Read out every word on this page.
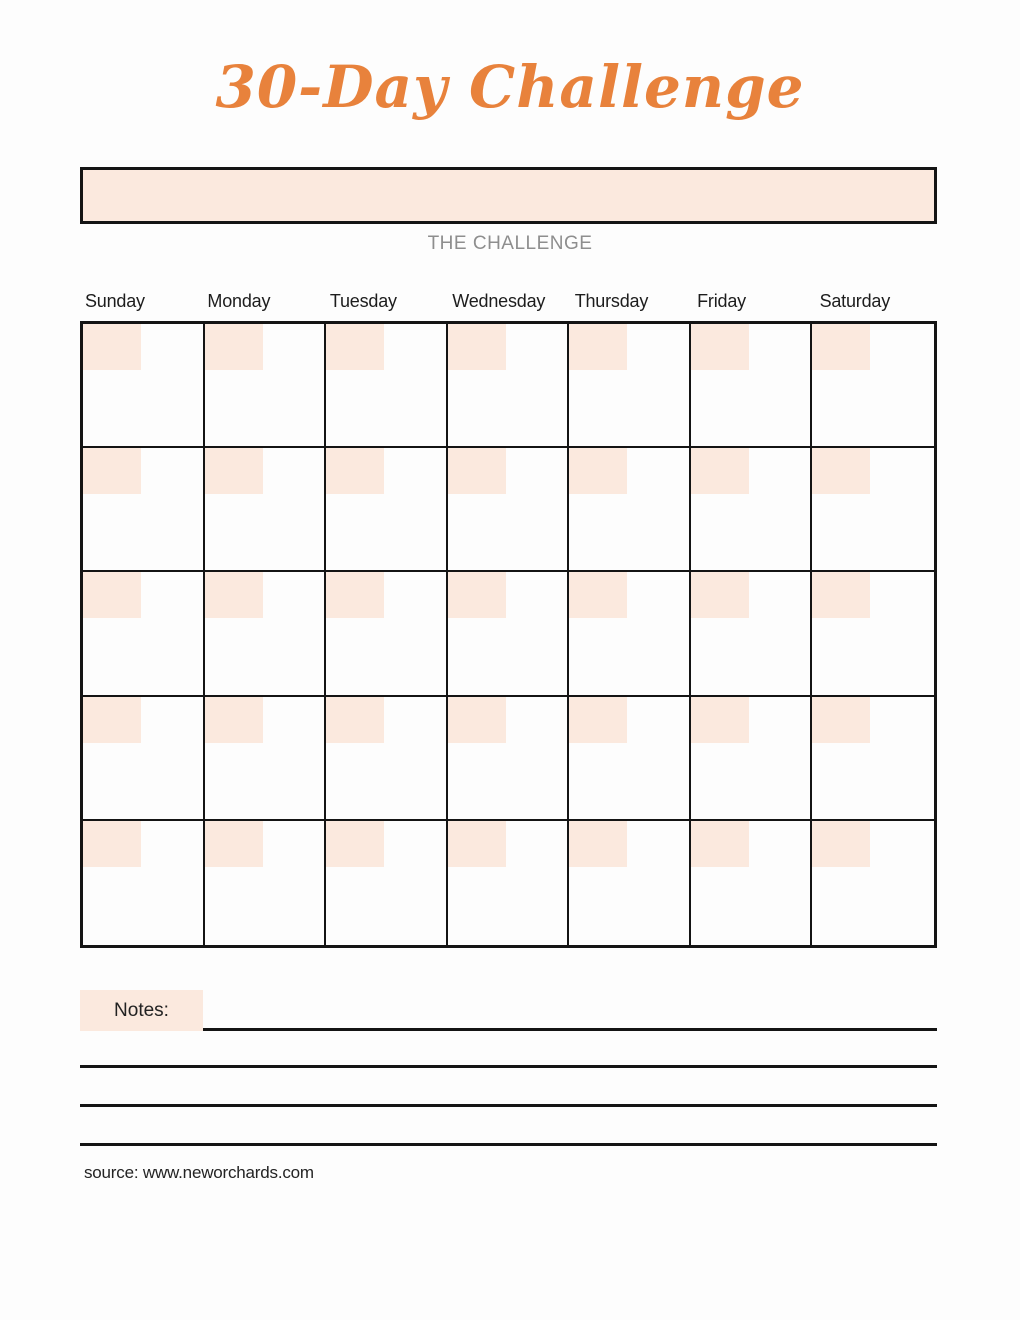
30-Day Challenge
THE CHALLENGE
Sunday	Monday	Tuesday	Wednesday	Thursday	Friday	Saturday
Notes:
source: www.neworchards.com
